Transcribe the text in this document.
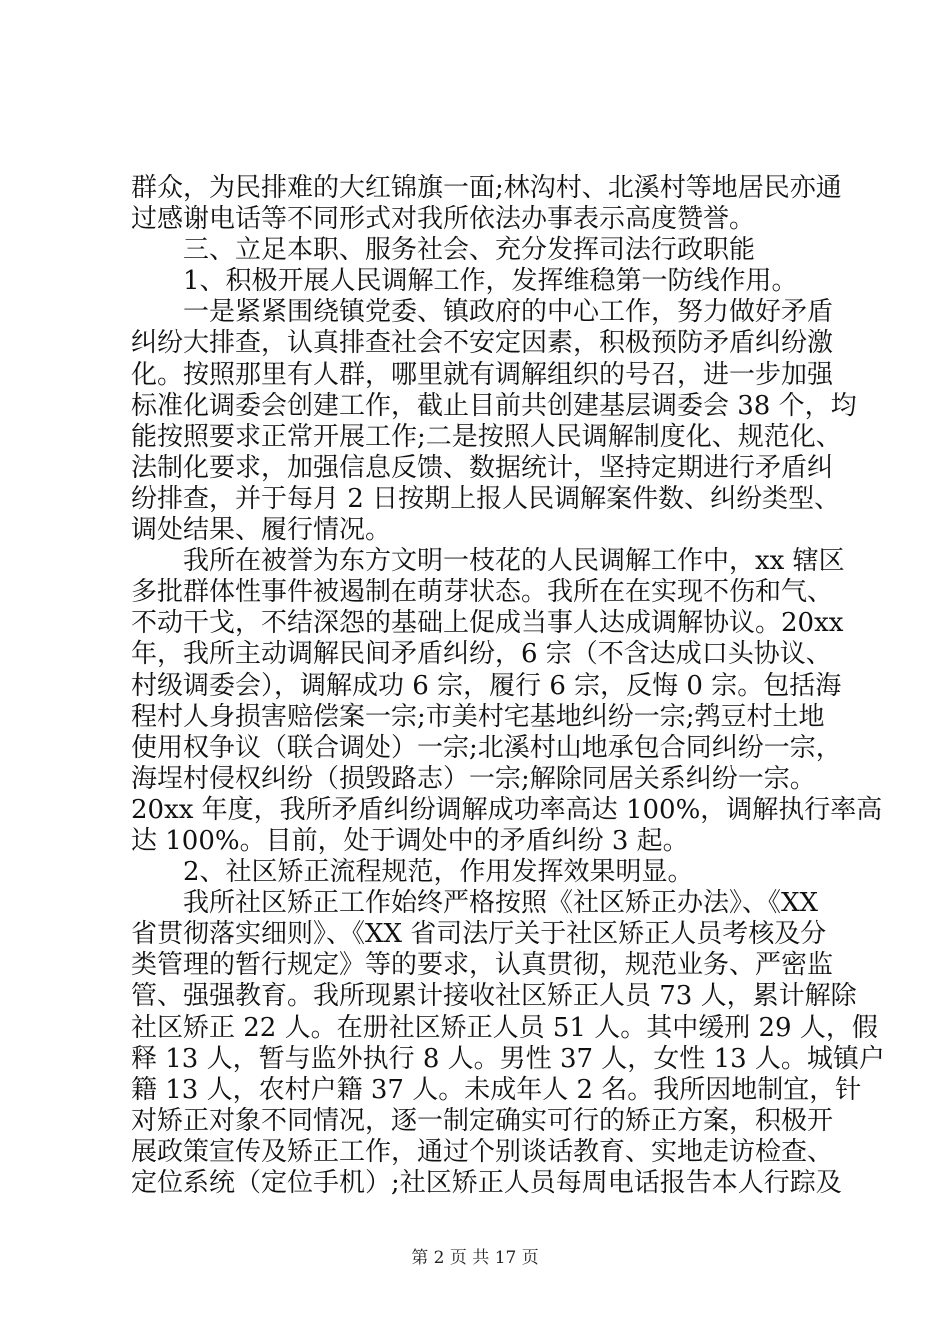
群众，为民排难的大红锦旗一面;林沟村、北溪村等地居民亦通
过感谢电话等不同形式对我所依法办事表示高度赞誉。
　　三、立足本职、服务社会、充分发挥司法行政职能
　　1、积极开展人民调解工作，发挥维稳第一防线作用。
　　一是紧紧围绕镇党委、镇政府的中心工作，努力做好矛盾
纠纷大排查，认真排查社会不安定因素，积极预防矛盾纠纷激
化。按照那里有人群，哪里就有调解组织的号召，进一步加强
标准化调委会创建工作，截止目前共创建基层调委会 38 个，均
能按照要求正常开展工作;二是按照人民调解制度化、规范化、
法制化要求，加强信息反馈、数据统计，坚持定期进行矛盾纠
纷排查，并于每月 2 日按期上报人民调解案件数、纠纷类型、
调处结果、履行情况。
　　我所在被誉为东方文明一枝花的人民调解工作中，xx 辖区
多批群体性事件被遏制在萌芽状态。我所在在实现不伤和气、
不动干戈，不结深怨的基础上促成当事人达成调解协议。20xx
年，我所主动调解民间矛盾纠纷，6 宗（不含达成口头协议、
村级调委会），调解成功 6 宗，履行 6 宗，反悔 0 宗。包括海
程村人身损害赔偿案一宗;市美村宅基地纠纷一宗;鹁豆村土地
使用权争议（联合调处）一宗;北溪村山地承包合同纠纷一宗，
海埕村侵权纠纷（损毁路志）一宗;解除同居关系纠纷一宗。
20xx 年度，我所矛盾纠纷调解成功率高达 100%，调解执行率高
达 100%。目前，处于调处中的矛盾纠纷 3 起。
　　2、社区矫正流程规范，作用发挥效果明显。
　　我所社区矫正工作始终严格按照《社区矫正办法》、《XX
省贯彻落实细则》、《XX 省司法厅关于社区矫正人员考核及分
类管理的暂行规定》等的要求，认真贯彻，规范业务、严密监
管、强强教育。我所现累计接收社区矫正人员 73 人，累计解除
社区矫正 22 人。在册社区矫正人员 51 人。其中缓刑 29 人，假
释 13 人，暂与监外执行 8 人。男性 37 人，女性 13 人。城镇户
籍 13 人，农村户籍 37 人。未成年人 2 名。我所因地制宜，针
对矫正对象不同情况，逐一制定确实可行的矫正方案，积极开
展政策宣传及矫正工作，通过个别谈话教育、实地走访检查、
定位系统（定位手机）;社区矫正人员每周电话报告本人行踪及
第 2 页 共 17 页
